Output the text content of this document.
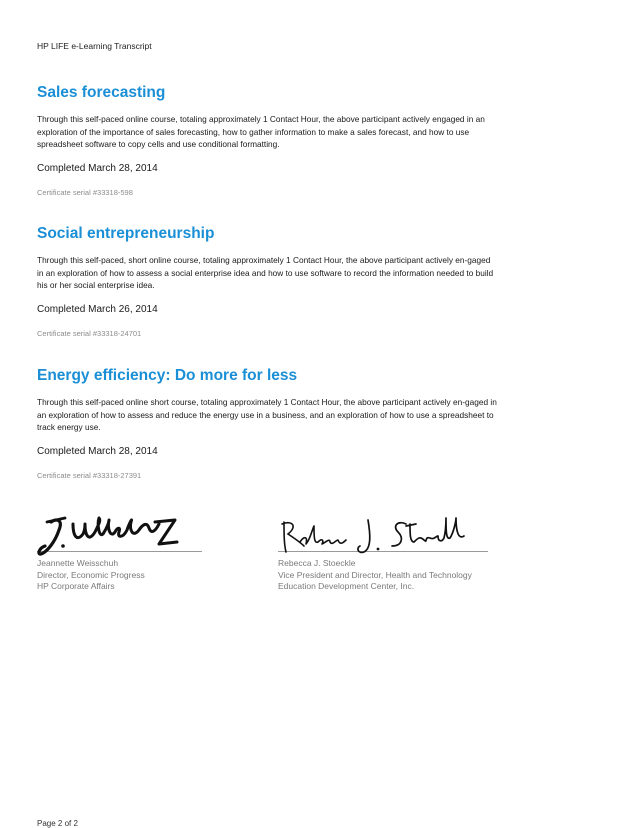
HP LIFE e-Learning Transcript
Sales forecasting

Through this self-paced online course, totaling approximately 1 Contact Hour, the above participant actively engaged in an exploration of the importance of sales forecasting, how to gather information to make a sales forecast, and how to use spreadsheet software to copy cells and use conditional formatting.

Completed March 28, 2014

Certificate serial #33318-598

Social entrepreneurship

Through this self-paced, short online course, totaling approximately 1 Contact Hour, the above participant actively en-gaged in an exploration of how to assess a social enterprise idea and how to use software to record the information needed to build his or her social enterprise idea.

Completed March 26, 2014

Certificate serial #33318-24701

Energy efficiency: Do more for less

Through this self-paced online short course, totaling approximately 1 Contact Hour, the above participant actively en-gaged in an exploration of how to assess and reduce the energy use in a business, and an exploration of how to use a spreadsheet to track energy use.

Completed March 28, 2014

Certificate serial #33318-27391

Jeannette Weisschuh
Director, Economic Progress
HP Corporate Affairs
Rebecca J. Stoeckle
Vice President and Director, Health and Technology
Education Development Center, Inc.
Page 2 of 2
